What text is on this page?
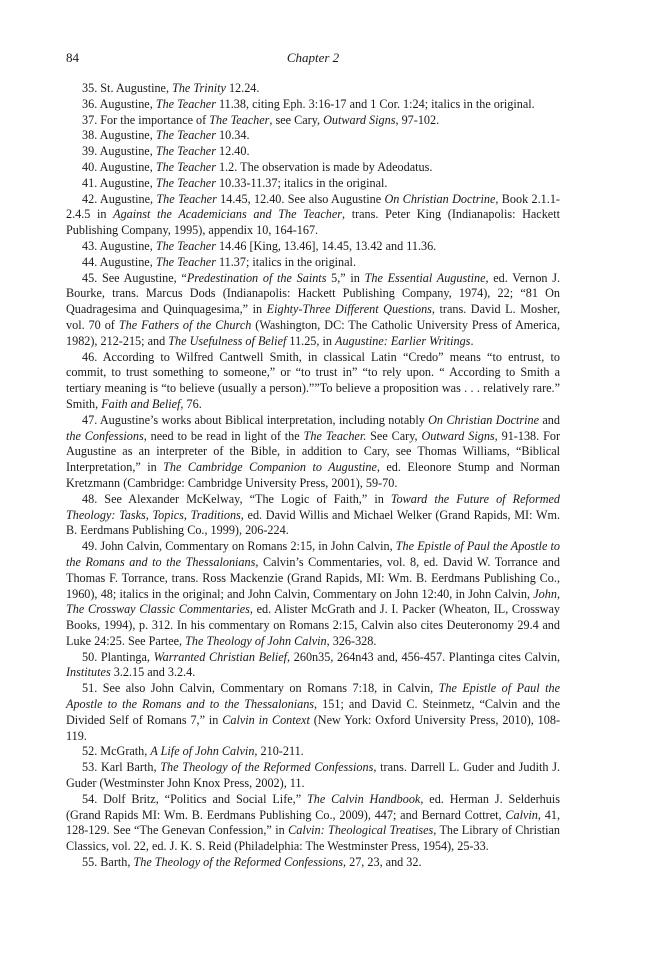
84	Chapter 2

35. St. Augustine, The Trinity 12.24.

36. Augustine, The Teacher 11.38, citing Eph. 3:16-17 and 1 Cor. 1:24; italics in the original.

37. For the importance of The Teacher, see Cary, Outward Signs, 97-102.

38. Augustine, The Teacher 10.34.

39. Augustine, The Teacher 12.40.

40. Augustine, The Teacher 1.2. The observation is made by Adeodatus.

41. Augustine, The Teacher 10.33-11.37; italics in the original.

42. Augustine, The Teacher 14.45, 12.40. See also Augustine On Christian Doctrine, Book 2.1.1-2.4.5 in Against the Academicians and The Teacher, trans. Peter King (Indianapolis: Hackett Publishing Company, 1995), appendix 10, 164-167.

43. Augustine, The Teacher 14.46 [King, 13.46], 14.45, 13.42 and 11.36.

44. Augustine, The Teacher 11.37; italics in the original.

45. See Augustine, “Predestination of the Saints 5,” in The Essential Augustine, ed. Vernon J. Bourke, trans. Marcus Dods (Indianapolis: Hackett Publishing Company, 1974), 22; “81 On Quadragesima and Quinquagesima,” in Eighty-Three Different Questions, trans. David L. Mosher, vol. 70 of The Fathers of the Church (Washington, DC: The Catholic University Press of America, 1982), 212-215; and The Usefulness of Belief 11.25, in Augustine: Earlier Writings.

46. According to Wilfred Cantwell Smith, in classical Latin “Credo” means “to entrust, to commit, to trust something to someone,” or “to trust in” “to rely upon. “ According to Smith a tertiary meaning is “to believe (usually a person).””To believe a proposition was . . . relatively rare.” Smith, Faith and Belief, 76.

47. Augustine’s works about Biblical interpretation, including notably On Christian Doctrine and the Confessions, need to be read in light of the The Teacher. See Cary, Outward Signs, 91-138. For Augustine as an interpreter of the Bible, in addition to Cary, see Thomas Williams, “Biblical Interpretation,” in The Cambridge Companion to Augustine, ed. Eleonore Stump and Norman Kretzmann (Cambridge: Cambridge University Press, 2001), 59-70.

48. See Alexander McKelway, “The Logic of Faith,” in Toward the Future of Reformed Theology: Tasks, Topics, Traditions, ed. David Willis and Michael Welker (Grand Rapids, MI: Wm. B. Eerdmans Publishing Co., 1999), 206-224.

49. John Calvin, Commentary on Romans 2:15, in John Calvin, The Epistle of Paul the Apostle to the Romans and to the Thessalonians, Calvin’s Commentaries, vol. 8, ed. David W. Torrance and Thomas F. Torrance, trans. Ross Mackenzie (Grand Rapids, MI: Wm. B. Eerdmans Publishing Co., 1960), 48; italics in the original; and John Calvin, Commentary on John 12:40, in John Calvin, John, The Crossway Classic Commentaries, ed. Alister McGrath and J. I. Packer (Wheaton, IL, Crossway Books, 1994), p. 312. In his commentary on Romans 2:15, Calvin also cites Deuteronomy 29.4 and Luke 24:25. See Partee, The Theology of John Calvin, 326-328.

50. Plantinga, Warranted Christian Belief, 260n35, 264n43 and, 456-457. Plantinga cites Calvin, Institutes 3.2.15 and 3.2.4.

51. See also John Calvin, Commentary on Romans 7:18, in Calvin, The Epistle of Paul the Apostle to the Romans and to the Thessalonians, 151; and David C. Steinmetz, “Calvin and the Divided Self of Romans 7,” in Calvin in Context (New York: Oxford University Press, 2010), 108-119.

52. McGrath, A Life of John Calvin, 210-211.

53. Karl Barth, The Theology of the Reformed Confessions, trans. Darrell L. Guder and Judith J. Guder (Westminster John Knox Press, 2002), 11.

54. Dolf Britz, “Politics and Social Life,” The Calvin Handbook, ed. Herman J. Selderhuis (Grand Rapids MI: Wm. B. Eerdmans Publishing Co., 2009), 447; and Bernard Cottret, Calvin, 41, 128-129. See “The Genevan Confession,” in Calvin: Theological Treatises, The Library of Christian Classics, vol. 22, ed. J. K. S. Reid (Philadelphia: The Westminster Press, 1954), 25-33.

55. Barth, The Theology of the Reformed Confessions, 27, 23, and 32.
